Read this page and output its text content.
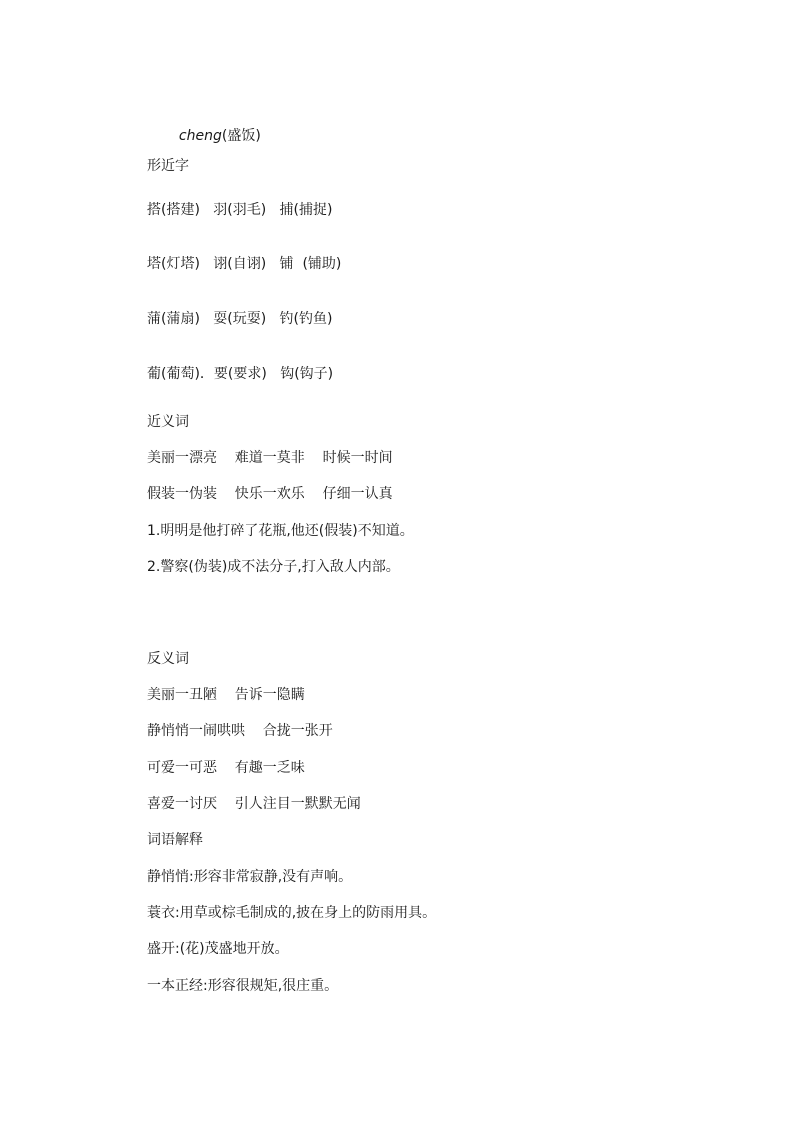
cheng(盛饭)

形近字
搭(搭建)   羽(羽毛)   捕(捕捉)
塔(灯塔)   诩(自诩)   铺  (铺助)
蒲(蒲扇)   耍(玩耍)   钓(钓鱼)
葡(葡萄)．要(要求)   钩(钩子)
近义词
美丽一漂亮    难道一莫非    时候一时间
假装一伪装    快乐一欢乐    仔细一认真
1.明明是他打碎了花瓶,他还(假装)不知道。
2.警察(伪装)成不法分子,打入敌人内部。
反义词
美丽一丑陋    告诉一隐瞒
静悄悄一闹哄哄    合拢一张开
可爱一可恶    有趣一乏味
喜爱一讨厌    引人注目一默默无闻
词语解释
静悄悄:形容非常寂静,没有声响。
蓑衣:用草或棕毛制成的,披在身上的防雨用具。
盛开:(花)茂盛地开放。
一本正经:形容很规矩,很庄重。
